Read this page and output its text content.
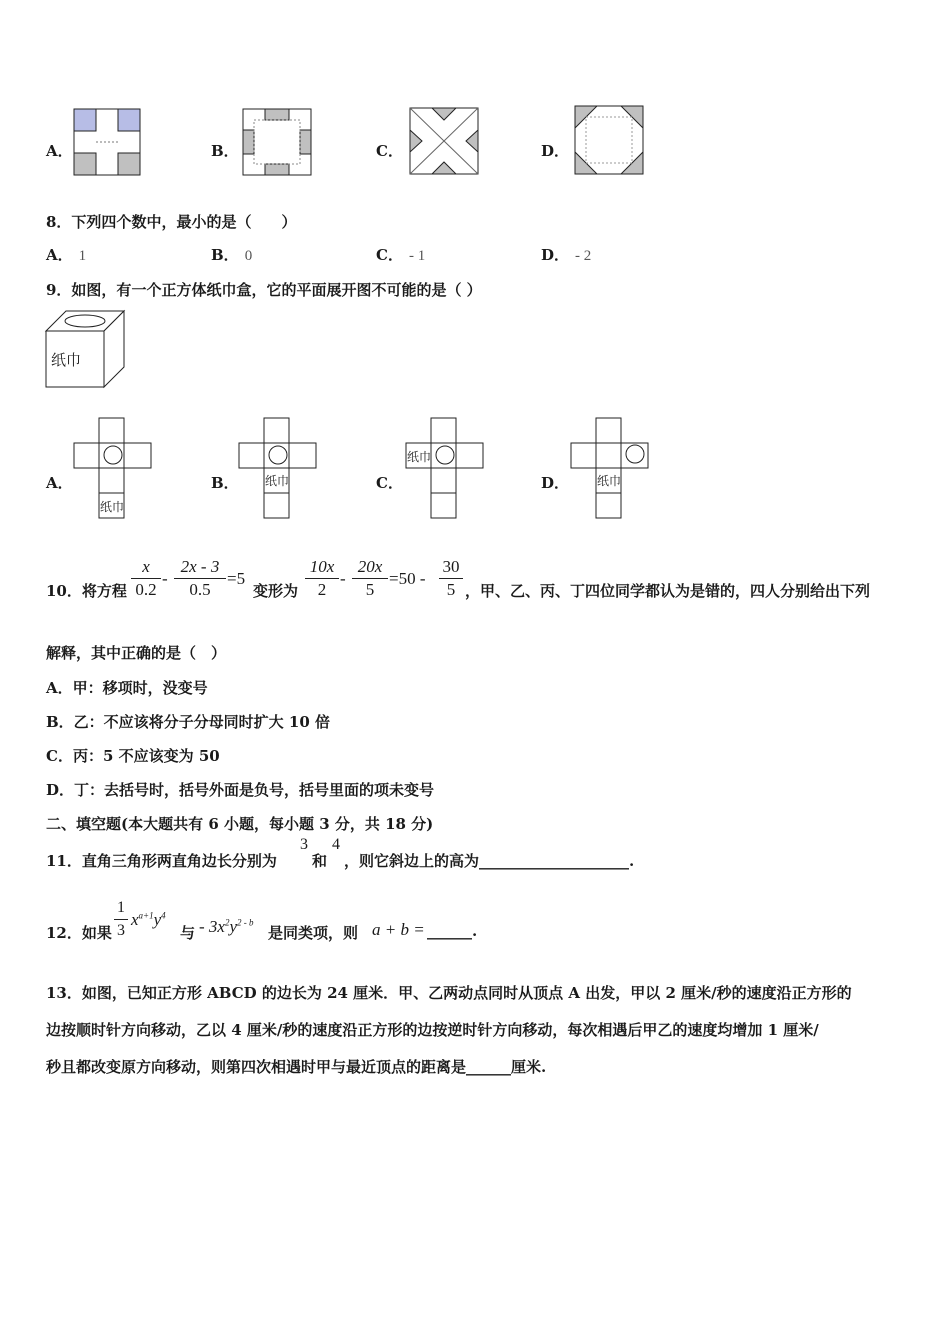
A．	B．	C．	D．
8．下列四个数中，最小的是（　　）
A． 1	B． 0	C． - 1	D． - 2
9．如图，有一个正方体纸巾盒，它的平面展开图不可能的是（ ）
纸巾
A．
纸巾
B． 纸巾	C．
纸巾
D． 纸巾
10．将方程
x
0.2
-
2x - 3
0.5
=5
变形为
10x
2
-
20x
5
=50 -
30
5 ，甲、乙、丙、丁四位同学都认为是错的，四人分别给出下列
解释，其中正确的是（　）
A．甲：移项时，没变号
B．乙：不应该将分子分母同时扩大 10 倍
C．丙：5 不应该变为 50
D．丁：去括号时，括号外面是负号，括号里面的项未变号
二、填空题(本大题共有 6 小题，每小题 3 分，共 18 分)
11．直角三角形两直角边长分别为
3
和
4
，则它斜边上的高为____________________.
12．如果
1
3
$x^{a+1}y^4$
与 - $3x^2y^{2 - b}$
是同类项，则 a + b = ______.
13．如图，已知正方形 ABCD 的边长为 24 厘米．甲、乙两动点同时从顶点 A 出发，甲以 2 厘米/秒的速度沿正方形的
边按顺时针方向移动，乙以 4 厘米/秒的速度沿正方形的边按逆时针方向移动，每次相遇后甲乙的速度均增加 1 厘米/
秒且都改变原方向移动，则第四次相遇时甲与最近顶点的距离是______厘米.
